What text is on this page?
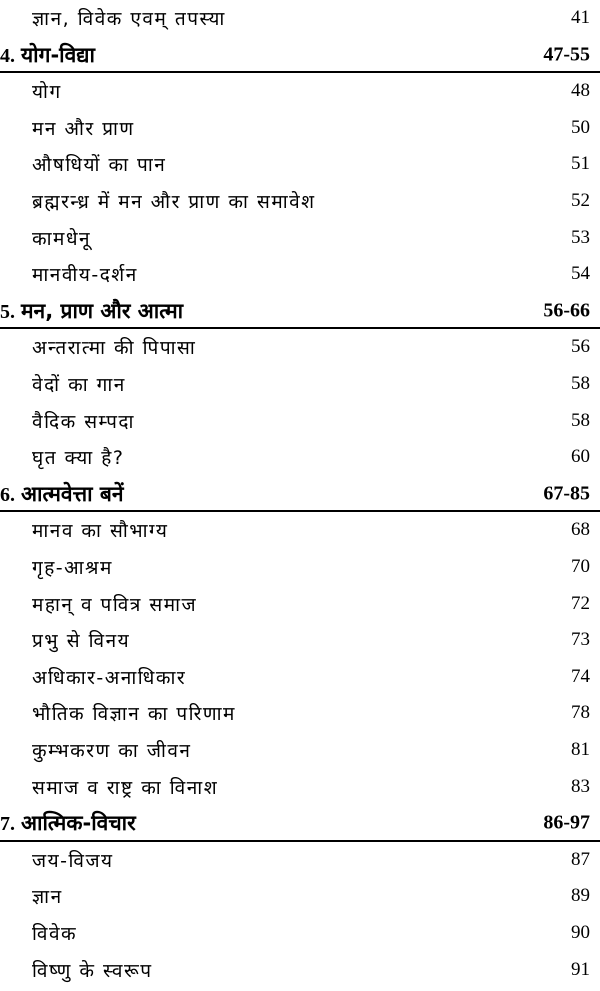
ज्ञान, विवेक एवम् तपस्या	41
4. योग-विद्या	47-55
योग	48
मन और प्राण	50
औषधियों का पान	51
ब्रह्मरन्ध्र में मन और प्राण का समावेश	52
कामधेनू	53
मानवीय-दर्शन	54
5. मन, प्राण और आत्मा	56-66
अन्तरात्मा की पिपासा	56
वेदों का गान	58
वैदिक सम्पदा	58
घृत क्या है?	60
6. आत्मवेत्ता बनें	67-85
मानव का सौभाग्य	68
गृह-आश्रम	70
महान् व पवित्र समाज	72
प्रभु से विनय	73
अधिकार-अनाधिकार	74
भौतिक विज्ञान का परिणाम	78
कुम्भकरण का जीवन	81
समाज व राष्ट्र का विनाश	83
7. आत्मिक-विचार	86-97
जय-विजय	87
ज्ञान	89
विवेक	90
विष्णु के स्वरूप	91
